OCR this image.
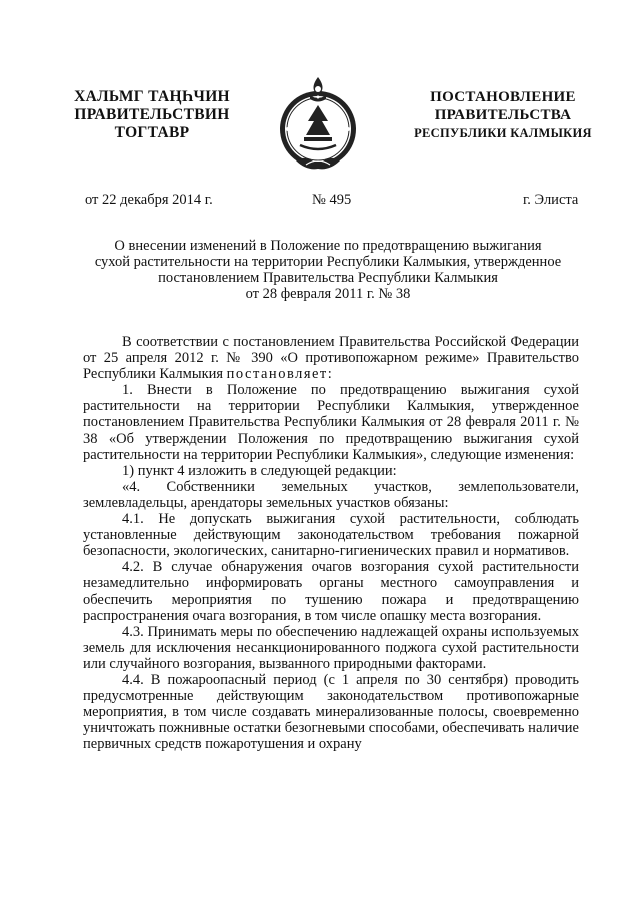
ХАЛЬМГ ТАҢҺЧИН
ПРАВИТЕЛЬСТВИН
ТОГТАВР
ПОСТАНОВЛЕНИЕ
ПРАВИТЕЛЬСТВА
РЕСПУБЛИКИ КАЛМЫКИЯ
от 22 декабря 2014 г.	№ 495	г. Элиста
О внесении изменений в Положение по предотвращению выжигания
сухой растительности на территории Республики Калмыкия, утвержденное
постановлением Правительства Республики Калмыкия
от 28 февраля 2011 г. № 38

В соответствии с постановлением Правительства Российской Федерации от 25 апреля 2012 г. № 390 «О противопожарном режиме» Правительство Республики Калмыкия постановляет:

1. Внести в Положение по предотвращению выжигания сухой растительности на территории Республики Калмыкия, утвержденное постановлением Правительства Республики Калмыкия от 28 февраля 2011 г. № 38 «Об утверждении Положения по предотвращению выжигания сухой растительности на территории Республики Калмыкия», следующие изменения:

1) пункт 4 изложить в следующей редакции:

«4. Собственники земельных участков, землепользователи, землевладельцы, арендаторы земельных участков обязаны:

4.1. Не допускать выжигания сухой растительности, соблюдать установленные действующим законодательством требования пожарной безопасности, экологических, санитарно-гигиенических правил и нормативов.

4.2. В случае обнаружения очагов возгорания сухой растительности незамедлительно информировать органы местного самоуправления и обеспечить мероприятия по тушению пожара и предотвращению распространения очага возгорания, в том числе опашку места возгорания.

4.3. Принимать меры по обеспечению надлежащей охраны используемых земель для исключения несанкционированного поджога сухой растительности или случайного возгорания, вызванного природными факторами.

4.4. В пожароопасный период (с 1 апреля по 30 сентября) проводить предусмотренные действующим законодательством противопожарные мероприятия, в том числе создавать минерализованные полосы, своевременно уничтожать пожнивные остатки безогневыми способами, обеспечивать наличие первичных средств пожаротушения и охрану
